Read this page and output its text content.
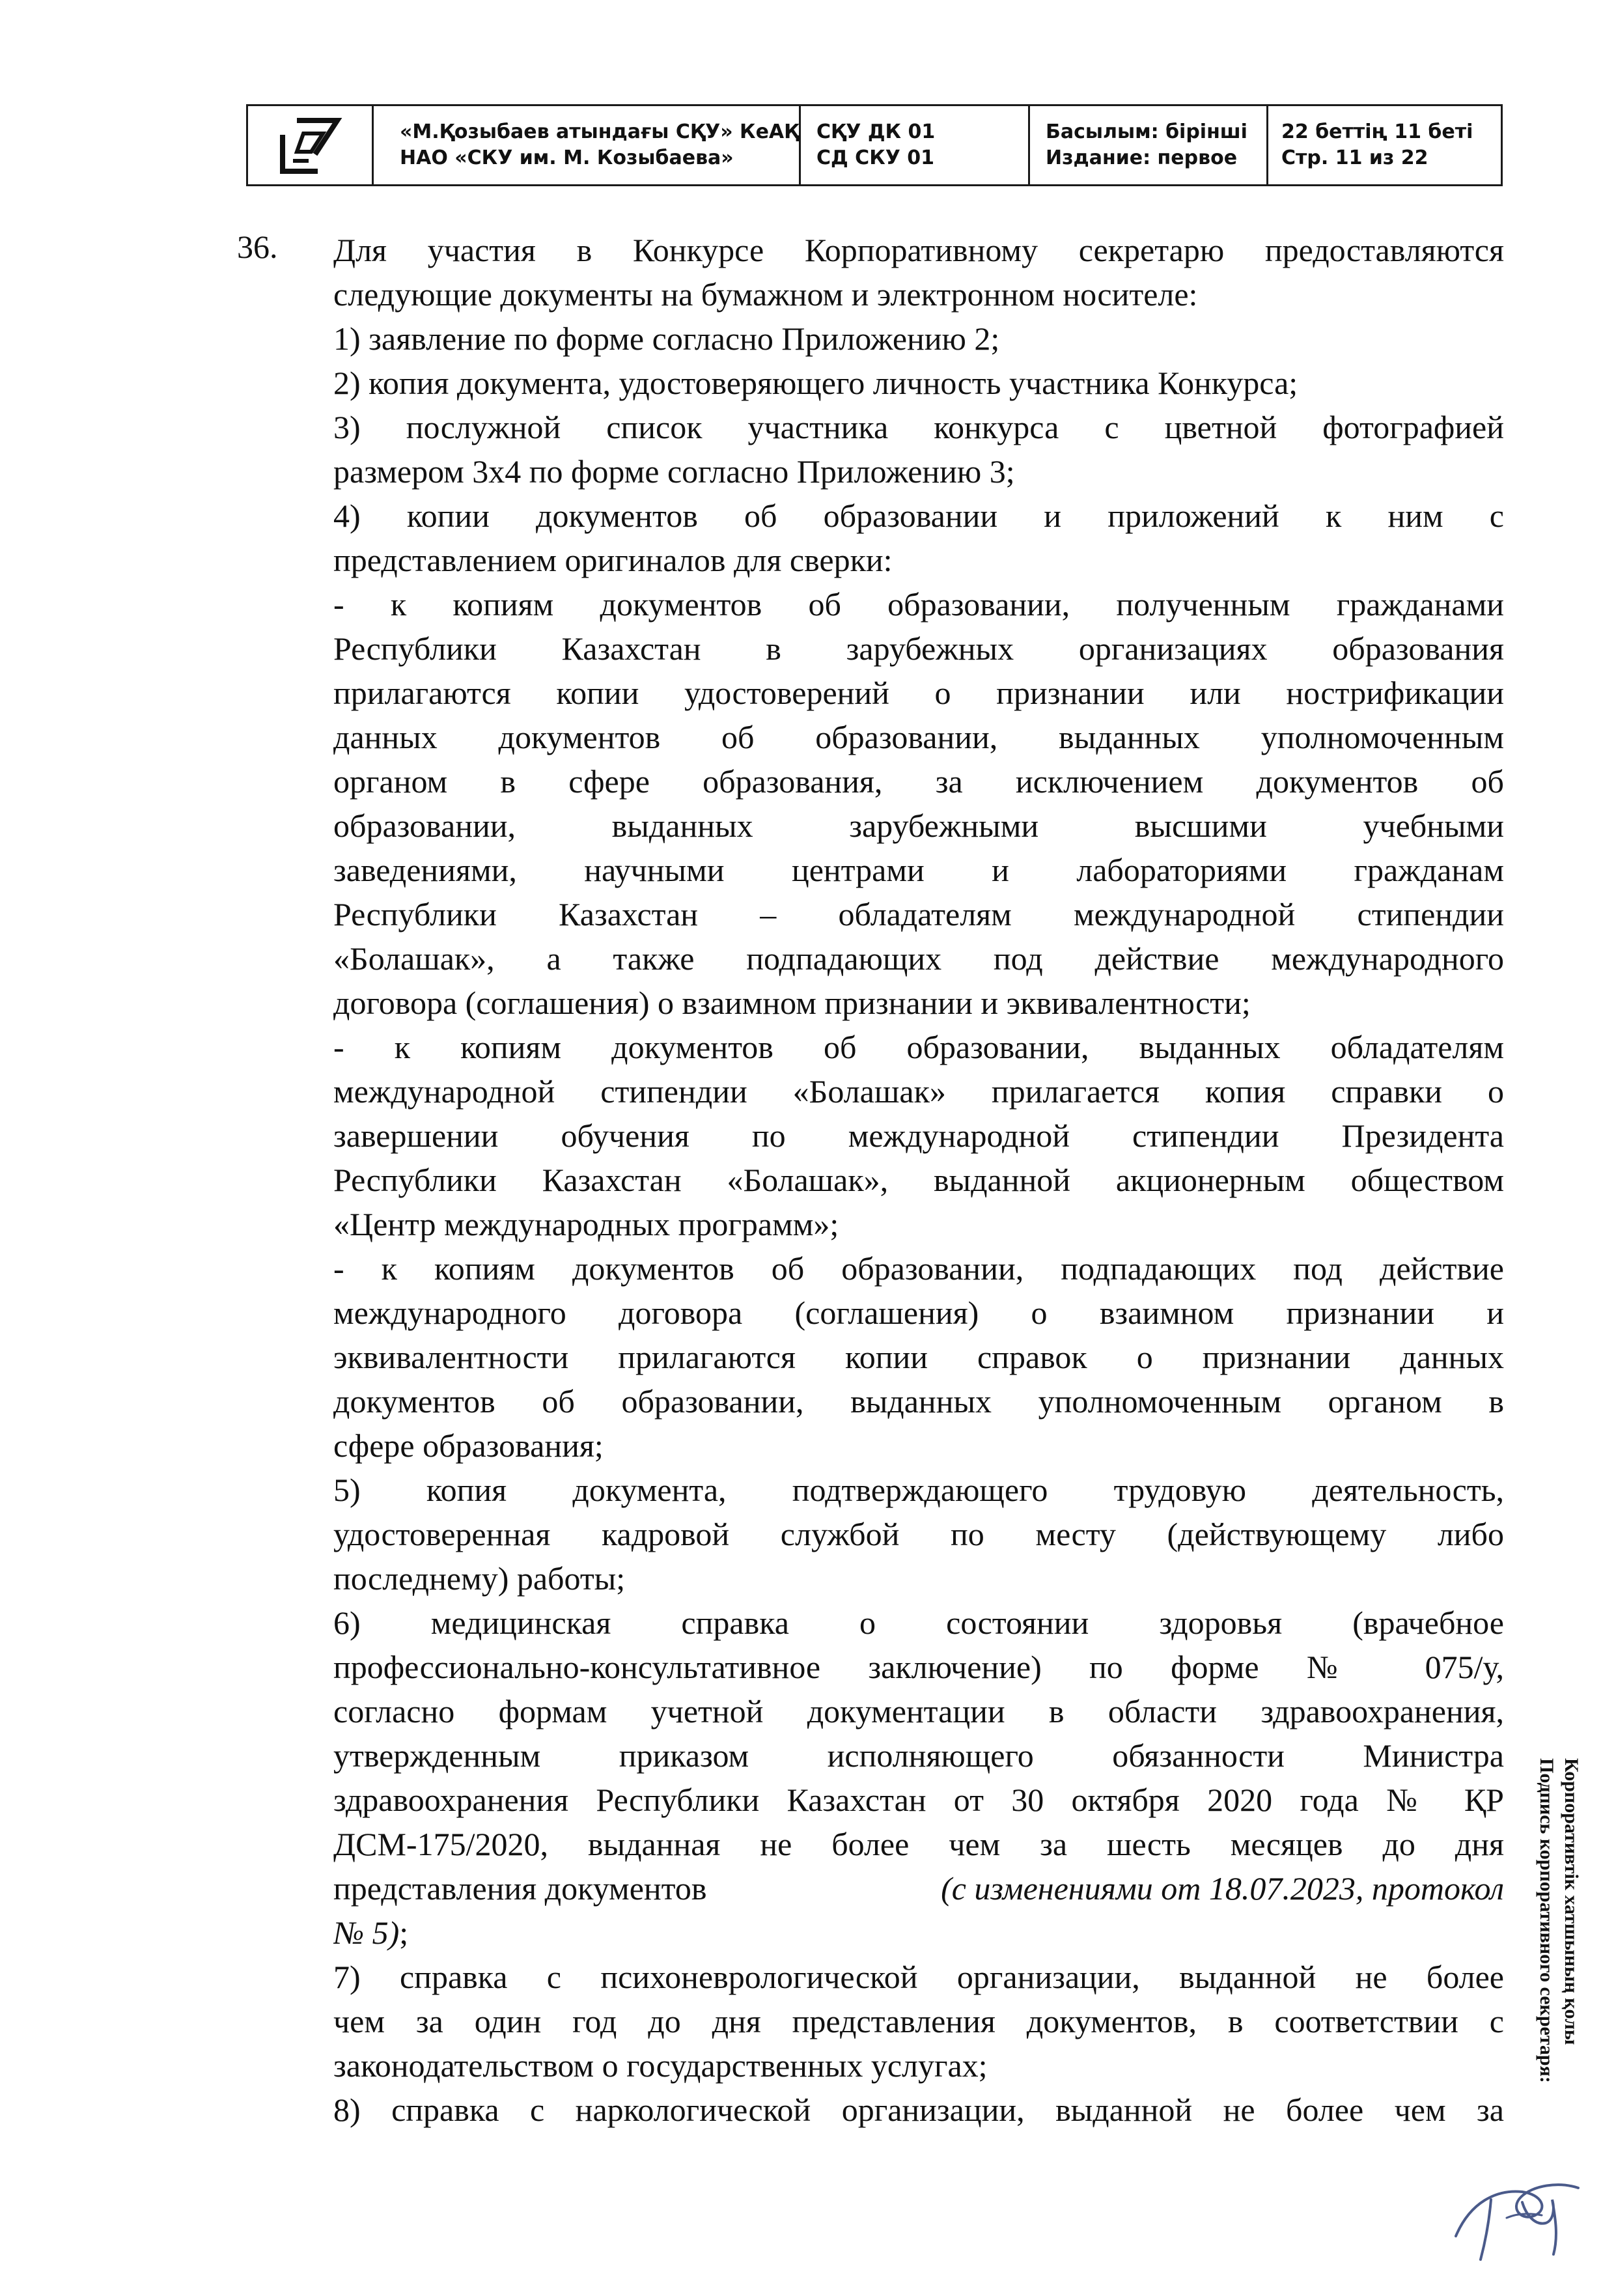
«М.Қозыбаев атындағы СҚУ» КеАҚ
НАО «СКУ им. М. Козыбаева»
СҚУ ДК 01
СД СКУ 01
Басылым: бірінші
Издание: первое
22 беттің 11 беті
Стр. 11 из 22
36. Для участия в Конкурсе Корпоративному секретарю предоставляются
следующие документы на бумажном и электронном носителе:
1) заявление по форме согласно Приложению 2;
2) копия документа, удостоверяющего личность участника Конкурса;
3) послужной список участника конкурса с цветной фотографией
размером 3х4 по форме согласно Приложению 3;
4) копии документов об образовании и приложений к ним с
представлением оригиналов для сверки:
- к копиям документов об образовании, полученным гражданами
Республики Казахстан в зарубежных организациях образования
прилагаются копии удостоверений о признании или нострификации
данных документов об образовании, выданных уполномоченным
органом в сфере образования, за исключением документов об
образовании, выданных зарубежными высшими учебными
заведениями, научными центрами и лабораториями гражданам
Республики Казахстан – обладателям международной стипендии
«Болашак», а также подпадающих под действие международного
договора (соглашения) о взаимном признании и эквивалентности;
- к копиям документов об образовании, выданных обладателям
международной стипендии «Болашак» прилагается копия справки о
завершении обучения по международной стипендии Президента
Республики Казахстан «Болашак», выданной акционерным обществом
«Центр международных программ»;
- к копиям документов об образовании, подпадающих под действие
международного договора (соглашения) о взаимном признании и
эквивалентности прилагаются копии справок о признании данных
документов об образовании, выданных уполномоченным органом в
сфере образования;
5) копия документа, подтверждающего трудовую деятельность,
удостоверенная кадровой службой по месту (действующему либо
последнему) работы;
6) медицинская справка о состоянии здоровья (врачебное
профессионально-консультативное заключение) по форме № 075/у,
согласно формам учетной документации в области здравоохранения,
утвержденным приказом исполняющего обязанности Министра
здравоохранения Республики Казахстан от 30 октября 2020 года № ҚР
ДСМ-175/2020, выданная не более чем за шесть месяцев до дня
представления документов	(с изменениями от 18.07.2023, протокол
№ 5);
7) справка с психоневрологической организации, выданной не более
чем за один год до дня представления документов, в соответствии с
законодательством о государственных услугах;
8) справка с наркологической организации, выданной не более чем за
Корпоративтік хатшының қолы
Подпись корпоративного секретаря:
